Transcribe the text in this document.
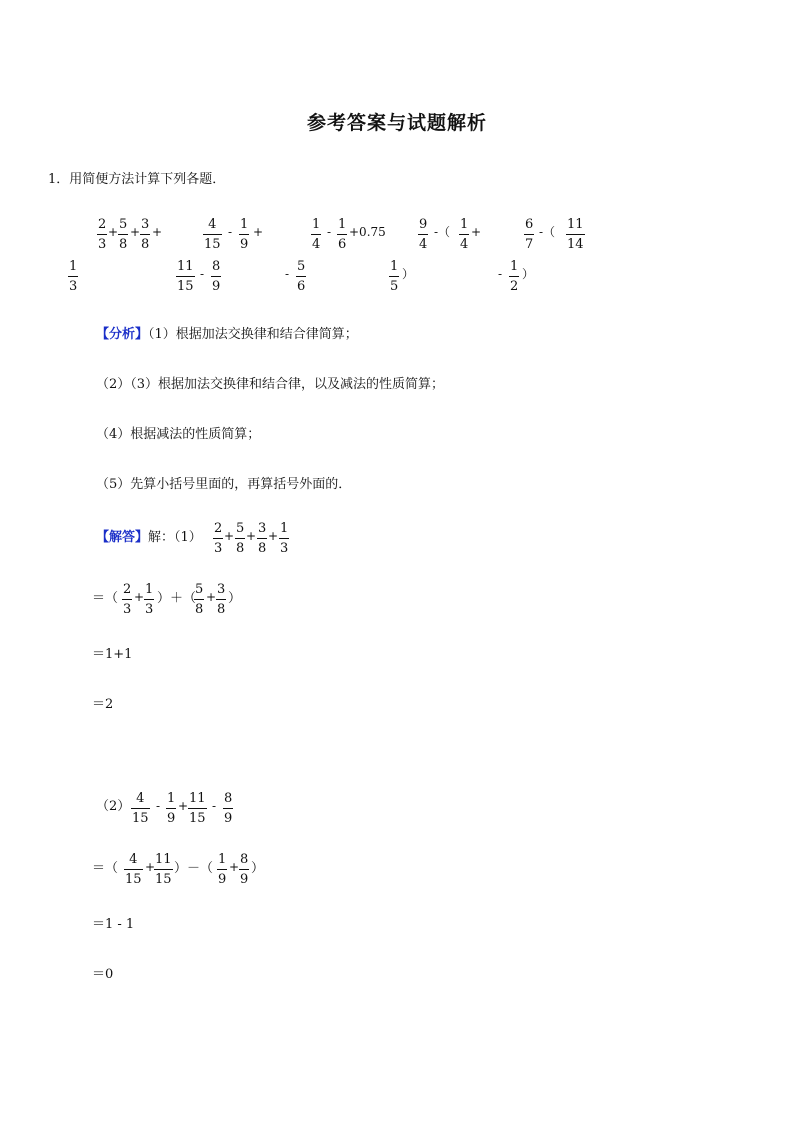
参考答案与试题解析
1．用简便方法计算下列各题．
2
3
+ 5
8
+ 3
8
+
1
3
4
15
- 1
9
+
11
15
- 8
9
1
4
- 1
6
+0.75
- 5
6
9
4
-（ 1
4
+
1
5
）
6
7
-（ 11
14
- 1
2
）
【分析】（1）根据加法交换律和结合律简算；
（2）（3）根据加法交换律和结合律，以及减法的性质简算；
（4）根据减法的性质简算；
（5）先算小括号里面的，再算括号外面的．
【解答】解：（1）
2
3
+ 5
8
+ 3
8
+ 1
3
＝（
2
3
+ 1
3
）＋（
5
8
+ 3
8
）
＝1+1
＝2
（2）
4
15
- 1
9
+ 11
15
- 8
9
＝（
4
15
+ 11
15
）－（
1
9
+ 8
9
）
＝1 - 1
＝0
